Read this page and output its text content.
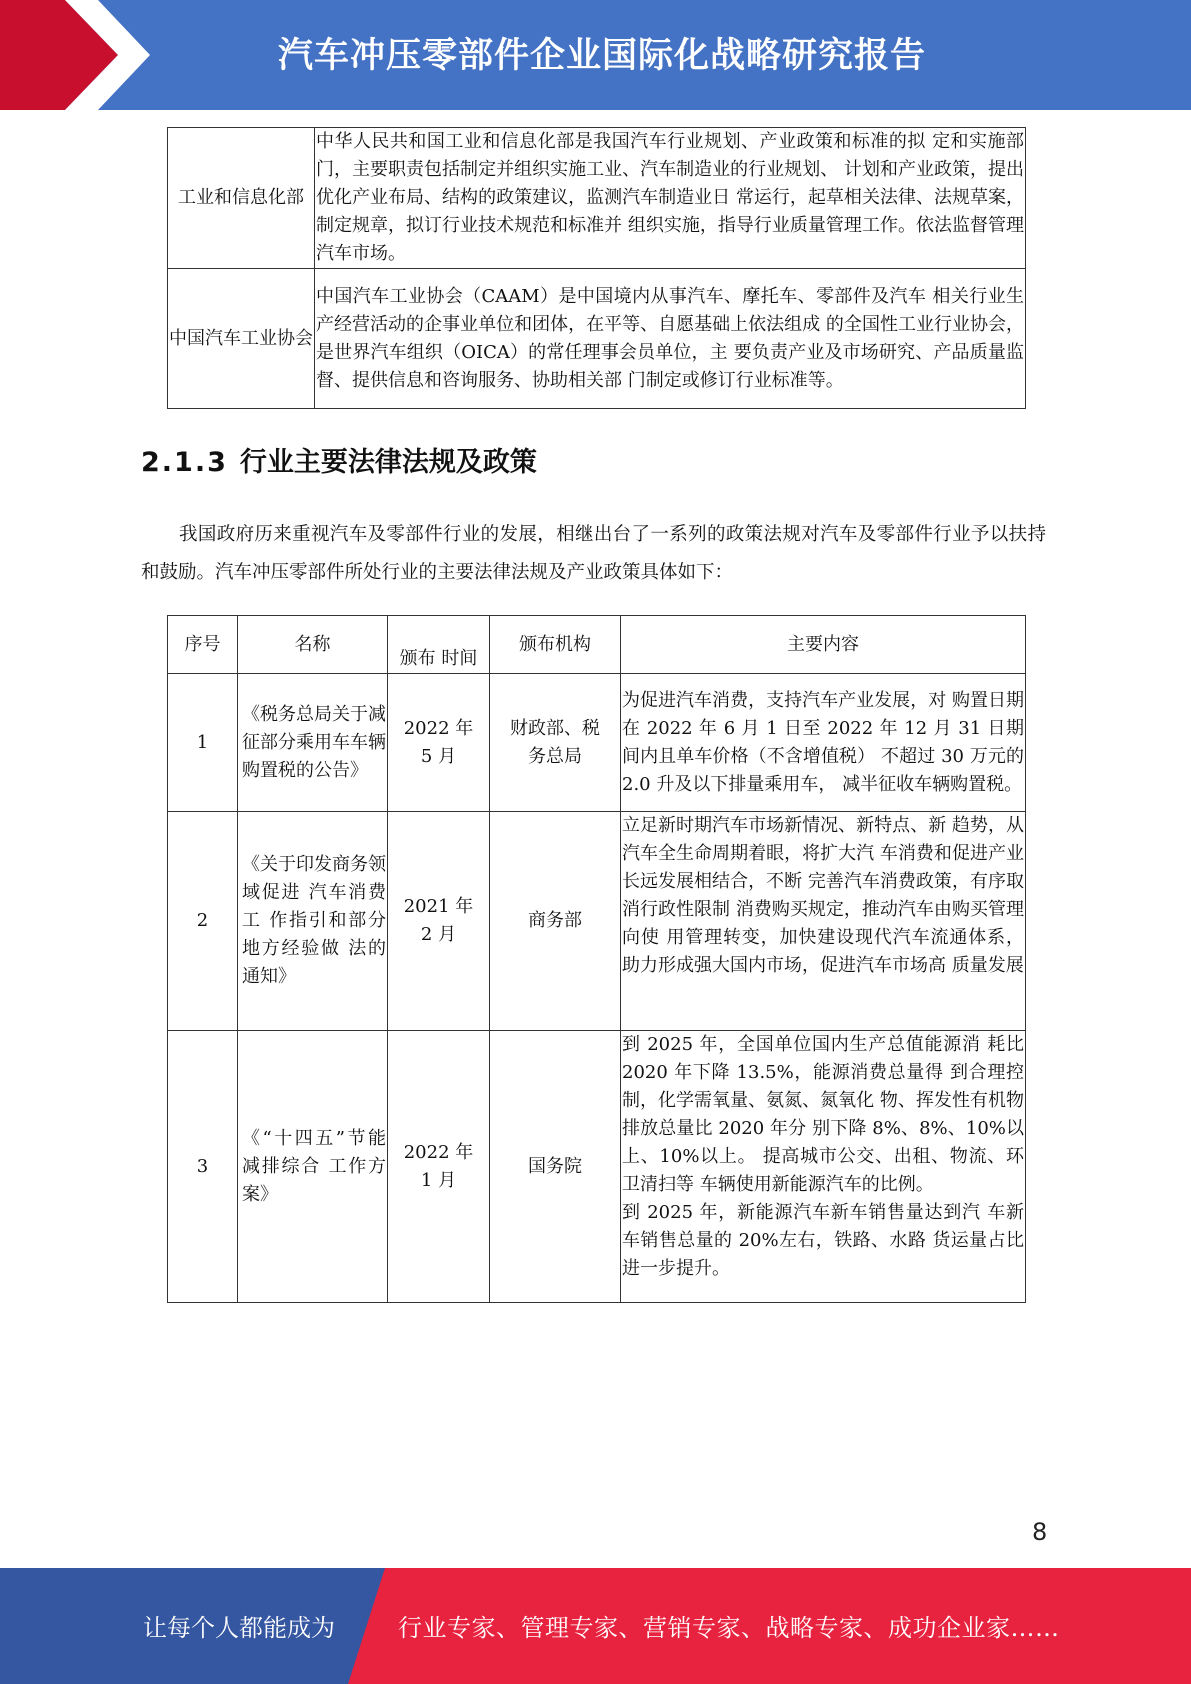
汽车冲压零部件企业国际化战略研究报告
工业和信息化部	中华人民共和国工业和信息化部是我国汽车行业规划、产业政策和标准的拟 定和实施部门，主要职责包括制定并组织实施工业、汽车制造业的行业规划、 计划和产业政策，提出优化产业布局、结构的政策建议，监测汽车制造业日 常运行，起草相关法律、法规草案，制定规章，拟订行业技术规范和标准并 组织实施，指导行业质量管理工作。依法监督管理汽车市场。
中国汽车工业协会	中国汽车工业协会（CAAM）是中国境内从事汽车、摩托车、零部件及汽车 相关行业生产经营活动的企事业单位和团体，在平等、自愿基础上依法组成 的全国性工业行业协会，是世界汽车组织（OICA）的常任理事会员单位，主 要负责产业及市场研究、产品质量监督、提供信息和咨询服务、协助相关部 门制定或修订行业标准等。
2.1.3 行业主要法律法规及政策
我国政府历来重视汽车及零部件行业的发展，相继出台了一系列的政策法规对汽车及零部件行业予以扶持和鼓励。汽车冲压零部件所处行业的主要法律法规及产业政策具体如下：
序号	名称	颁布 时间	颁布机构	主要内容
1	《税务总局关于减征部分乘用车车辆购置税的公告》	2022 年 5 月	财政部、税务总局	为促进汽车消费，支持汽车产业发展，对 购置日期在 2022 年 6 月 1 日至 2022 年 12 月 31 日期间内且单车价格（不含增值税） 不超过 30 万元的 2.0 升及以下排量乘用车， 减半征收车辆购置税。
2	《关于印发商务领域促进 汽车消费工 作指引和部分 地方经验做 法的通知》	2021 年 2 月	商务部	立足新时期汽车市场新情况、新特点、新 趋势，从汽车全生命周期着眼，将扩大汽 车消费和促进产业长远发展相结合，不断 完善汽车消费政策，有序取消行政性限制 消费购买规定，推动汽车由购买管理向使 用管理转变，加快建设现代汽车流通体系， 助力形成强大国内市场，促进汽车市场高 质量发展
3	《“十四五”节能减排综合 工作方案》	2022 年 1 月	国务院	到 2025 年，全国单位国内生产总值能源消 耗比 2020 年下降 13.5%，能源消费总量得 到合理控制，化学需氧量、氨氮、氮氧化 物、挥发性有机物排放总量比 2020 年分 别下降 8%、8%、10%以上、10%以上。 提高城市公交、出租、物流、环卫清扫等 车辆使用新能源汽车的比例。
到 2025 年，新能源汽车新车销售量达到汽 车新车销售总量的 20%左右，铁路、水路 货运量占比进一步提升。
8
让每个人都能成为	行业专家、管理专家、营销专家、战略专家、成功企业家……
